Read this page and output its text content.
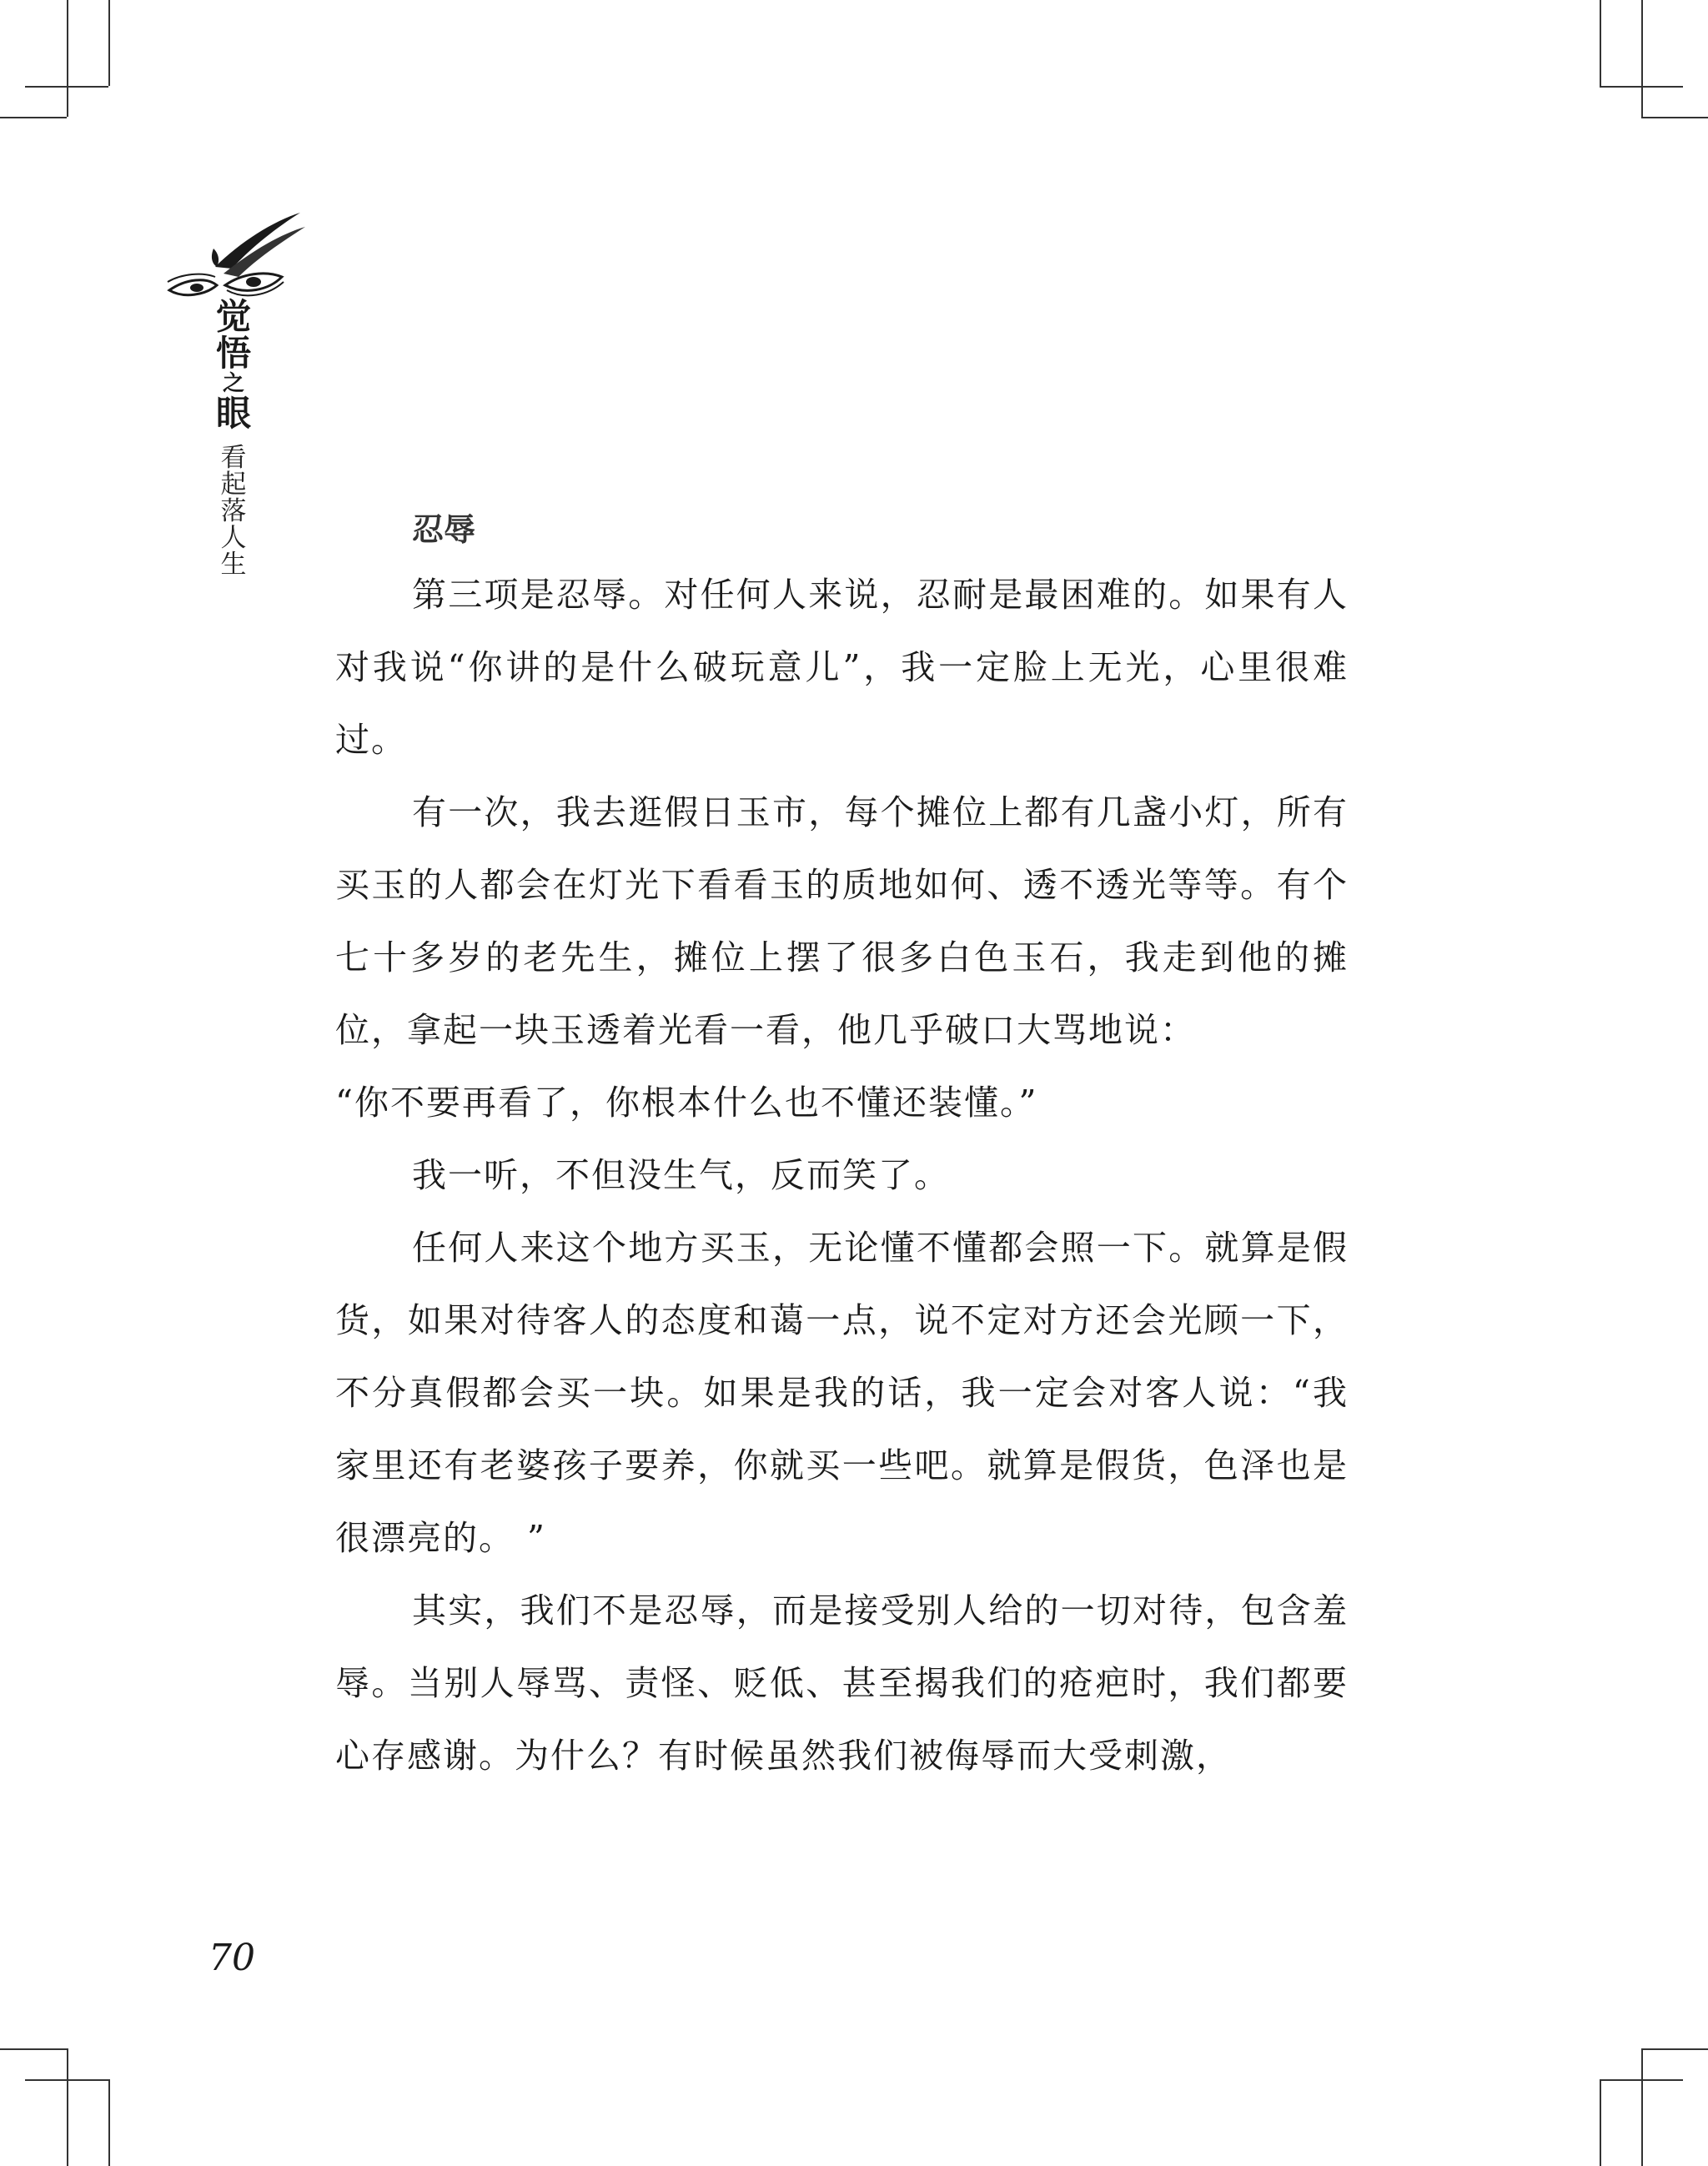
觉
悟
之
眼
看
起
落
人
生
忍辱

第三项是忍辱。对任何人来说，忍耐是最困难的。如果有人对我说“你讲的是什么破玩意儿”，我一定脸上无光，心里很难过。

有一次，我去逛假日玉市，每个摊位上都有几盏小灯，所有买玉的人都会在灯光下看看玉的质地如何、透不透光等等。有个七十多岁的老先生，摊位上摆了很多白色玉石，我走到他的摊位，拿起一块玉透着光看一看，他几乎破口大骂地说：

“你不要再看了，你根本什么也不懂还装懂。”

我一听，不但没生气，反而笑了。

任何人来这个地方买玉，无论懂不懂都会照一下。就算是假货，如果对待客人的态度和蔼一点，说不定对方还会光顾一下，不分真假都会买一块。如果是我的话，我一定会对客人说：“我家里还有老婆孩子要养，你就买一些吧。就算是假货，色泽也是很漂亮的。 ”

其实，我们不是忍辱，而是接受别人给的一切对待，包含羞辱。当别人辱骂、责怪、贬低、甚至揭我们的疮疤时，我们都要心存感谢。为什么？有时候虽然我们被侮辱而大受刺激，

70
